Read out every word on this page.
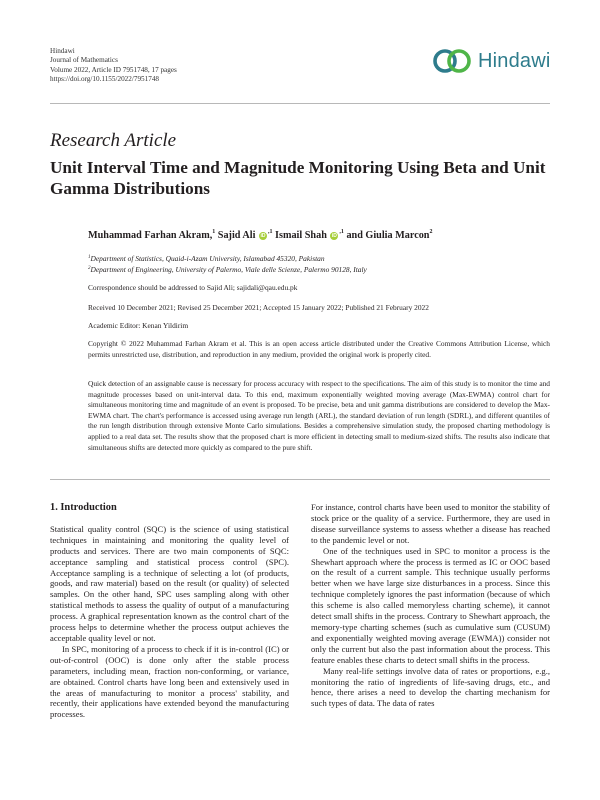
Hindawi
Journal of Mathematics
Volume 2022, Article ID 7951748, 17 pages
https://doi.org/10.1155/2022/7951748
Hindawi
Research Article
Unit Interval Time and Magnitude Monitoring Using Beta and Unit Gamma Distributions
Muhammad Farhan Akram,$^1$ Sajid Ali $iD^{,1}$ Ismail Shah $iD^{,1}$ and Giulia Marcon$^2$
$^1$Department of Statistics, Quaid-i-Azam University, Islamabad 45320, Pakistan
$^2$Department of Engineering, University of Palermo, Viale delle Scienze, Palermo 90128, Italy
Correspondence should be addressed to Sajid Ali; sajidali@qau.edu.pk
Received 10 December 2021; Revised 25 December 2021; Accepted 15 January 2022; Published 21 February 2022
Academic Editor: Kenan Yildirim
Copyright © 2022 Muhammad Farhan Akram et al. This is an open access article distributed under the Creative Commons Attribution License, which permits unrestricted use, distribution, and reproduction in any medium, provided the original work is properly cited.
Quick detection of an assignable cause is necessary for process accuracy with respect to the specifications. The aim of this study is to monitor the time and magnitude processes based on unit-interval data. To this end, maximum exponentially weighted moving average (Max-EWMA) control chart for simultaneous monitoring time and magnitude of an event is proposed. To be precise, beta and unit gamma distributions are considered to develop the Max-EWMA chart. The chart's performance is accessed using average run length (ARL), the standard deviation of run length (SDRL), and different quantiles of the run length distribution through extensive Monte Carlo simulations. Besides a comprehensive simulation study, the proposed charting methodology is applied to a real data set. The results show that the proposed chart is more efficient in detecting small to medium-sized shifts. The results also indicate that simultaneous shifts are detected more quickly as compared to the pure shift.
1. Introduction

Statistical quality control (SQC) is the science of using statistical techniques in maintaining and monitoring the quality level of products and services. There are two main components of SQC: acceptance sampling and statistical process control (SPC). Acceptance sampling is a technique of selecting a lot (of products, goods, and raw material) based on the result (or quality) of selected samples. On the other hand, SPC uses sampling along with other statistical methods to assess the quality of output of a manufacturing process. A graphical representation known as the control chart of the process helps to determine whether the process output achieves the acceptable quality level or not.

In SPC, monitoring of a process to check if it is in-control (IC) or out-of-control (OOC) is done only after the stable process parameters, including mean, fraction non-conforming, or variance, are obtained. Control charts have long been and extensively used in the areas of manufacturing to monitor a process' stability, and recently, their applications have extended beyond the manufacturing processes.

For instance, control charts have been used to monitor the stability of stock price or the quality of a service. Furthermore, they are used in disease surveillance systems to assess whether a disease has reached to the pandemic level or not.

One of the techniques used in SPC to monitor a process is the Shewhart approach where the process is termed as IC or OOC based on the result of a current sample. This technique usually performs better when we have large size disturbances in a process. Since this technique completely ignores the past information (because of which this scheme is also called memoryless charting scheme), it cannot detect small shifts in the process. Contrary to Shewhart approach, the memory-type charting schemes (such as cumulative sum (CUSUM) and exponentially weighted moving average (EWMA)) consider not only the current but also the past information about the process. This feature enables these charts to detect small shifts in the process.

Many real-life settings involve data of rates or proportions, e.g., monitoring the ratio of ingredients of life-saving drugs, etc., and hence, there arises a need to develop the charting mechanism for such types of data. The data of rates
